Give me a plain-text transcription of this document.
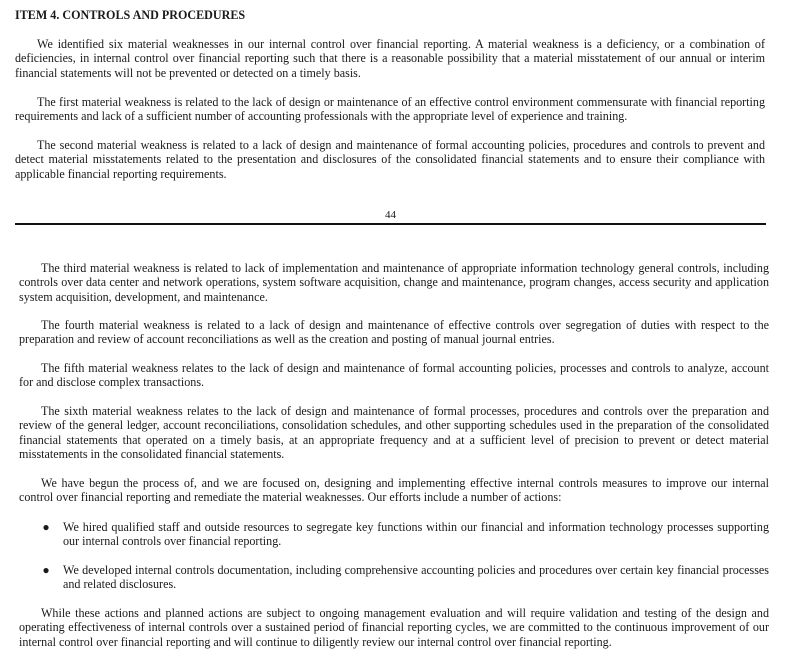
ITEM 4. CONTROLS AND PROCEDURES

We identified six material weaknesses in our internal control over financial reporting. A material weakness is a deficiency, or a combination of deficiencies, in internal control over financial reporting such that there is a reasonable possibility that a material misstatement of our annual or interim financial statements will not be prevented or detected on a timely basis.

The first material weakness is related to the lack of design or maintenance of an effective control environment commensurate with financial reporting requirements and lack of a sufficient number of accounting professionals with the appropriate level of experience and training.

The second material weakness is related to a lack of design and maintenance of formal accounting policies, procedures and controls to prevent and detect material misstatements related to the presentation and disclosures of the consolidated financial statements and to ensure their compliance with applicable financial reporting requirements.

44

The third material weakness is related to lack of implementation and maintenance of appropriate information technology general controls, including controls over data center and network operations, system software acquisition, change and maintenance, program changes, access security and application system acquisition, development, and maintenance.

The fourth material weakness is related to a lack of design and maintenance of effective controls over segregation of duties with respect to the preparation and review of account reconciliations as well as the creation and posting of manual journal entries.

The fifth material weakness relates to the lack of design and maintenance of formal accounting policies, processes and controls to analyze, account for and disclose complex transactions.

The sixth material weakness relates to the lack of design and maintenance of formal processes, procedures and controls over the preparation and review of the general ledger, account reconciliations, consolidation schedules, and other supporting schedules used in the preparation of the consolidated financial statements that operated on a timely basis, at an appropriate frequency and at a sufficient level of precision to prevent or detect material misstatements in the consolidated financial statements.

We have begun the process of, and we are focused on, designing and implementing effective internal controls measures to improve our internal control over financial reporting and remediate the material weaknesses. Our efforts include a number of actions:

● We hired qualified staff and outside resources to segregate key functions within our financial and information technology processes supporting our internal controls over financial reporting.

● We developed internal controls documentation, including comprehensive accounting policies and procedures over certain key financial processes and related disclosures.

While these actions and planned actions are subject to ongoing management evaluation and will require validation and testing of the design and operating effectiveness of internal controls over a sustained period of financial reporting cycles, we are committed to the continuous improvement of our internal control over financial reporting and will continue to diligently review our internal control over financial reporting.
